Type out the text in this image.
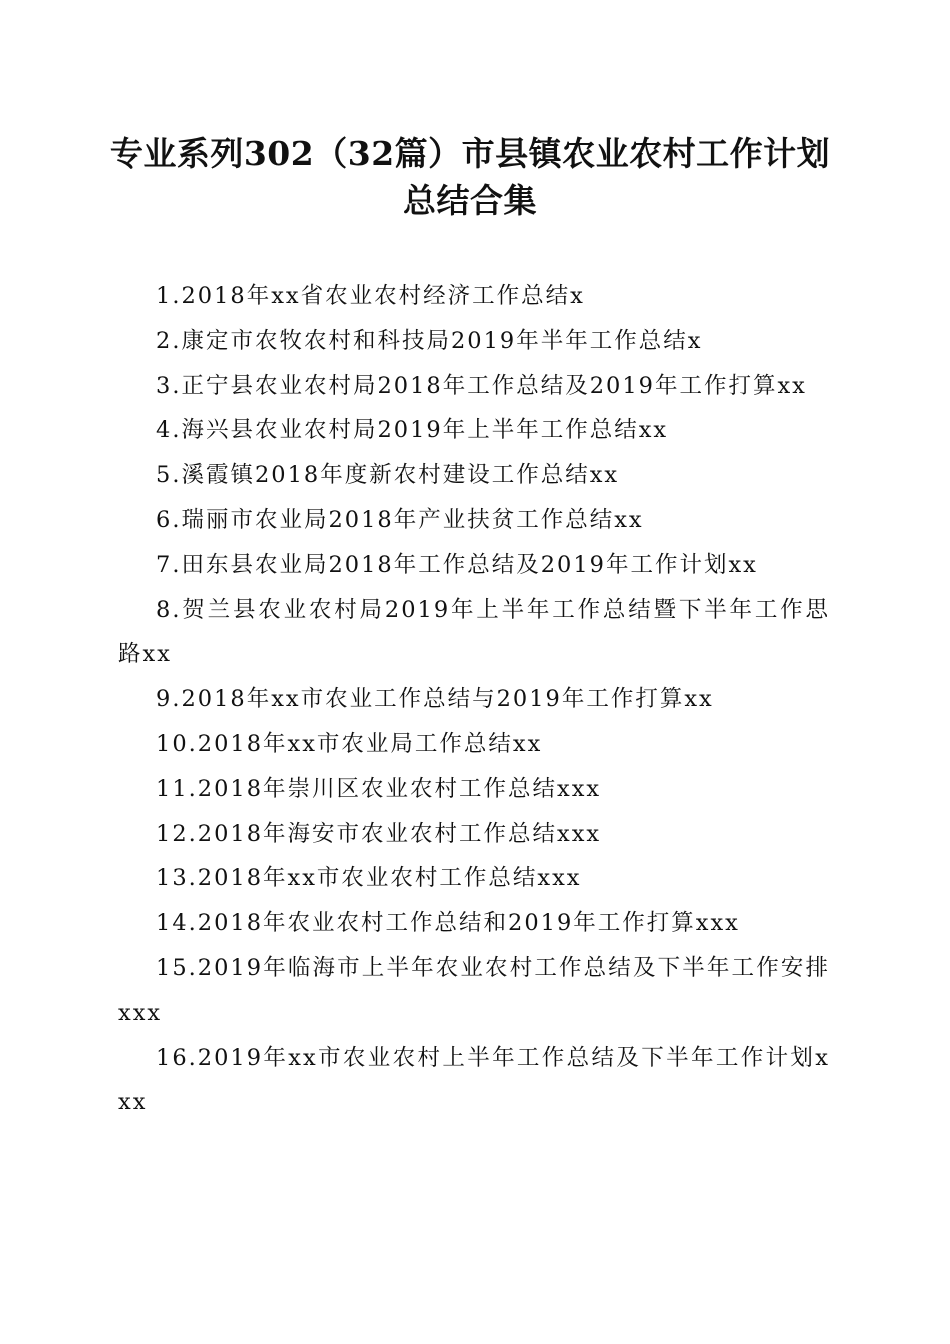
专业系列302（32篇）市县镇农业农村工作计划总结合集
1.2018年xx省农业农村经济工作总结x
2.康定市农牧农村和科技局2019年半年工作总结x
3.正宁县农业农村局2018年工作总结及2019年工作打算xx
4.海兴县农业农村局2019年上半年工作总结xx
5.溪霞镇2018年度新农村建设工作总结xx
6.瑞丽市农业局2018年产业扶贫工作总结xx
7.田东县农业局2018年工作总结及2019年工作计划xx
8.贺兰县农业农村局2019年上半年工作总结暨下半年工作思路xx
9.2018年xx市农业工作总结与2019年工作打算xx
10.2018年xx市农业局工作总结xx
11.2018年崇川区农业农村工作总结xxx
12.2018年海安市农业农村工作总结xxx
13.2018年xx市农业农村工作总结xxx
14.2018年农业农村工作总结和2019年工作打算xxx
15.2019年临海市上半年农业农村工作总结及下半年工作安排xxx
16.2019年xx市农业农村上半年工作总结及下半年工作计划xxx
